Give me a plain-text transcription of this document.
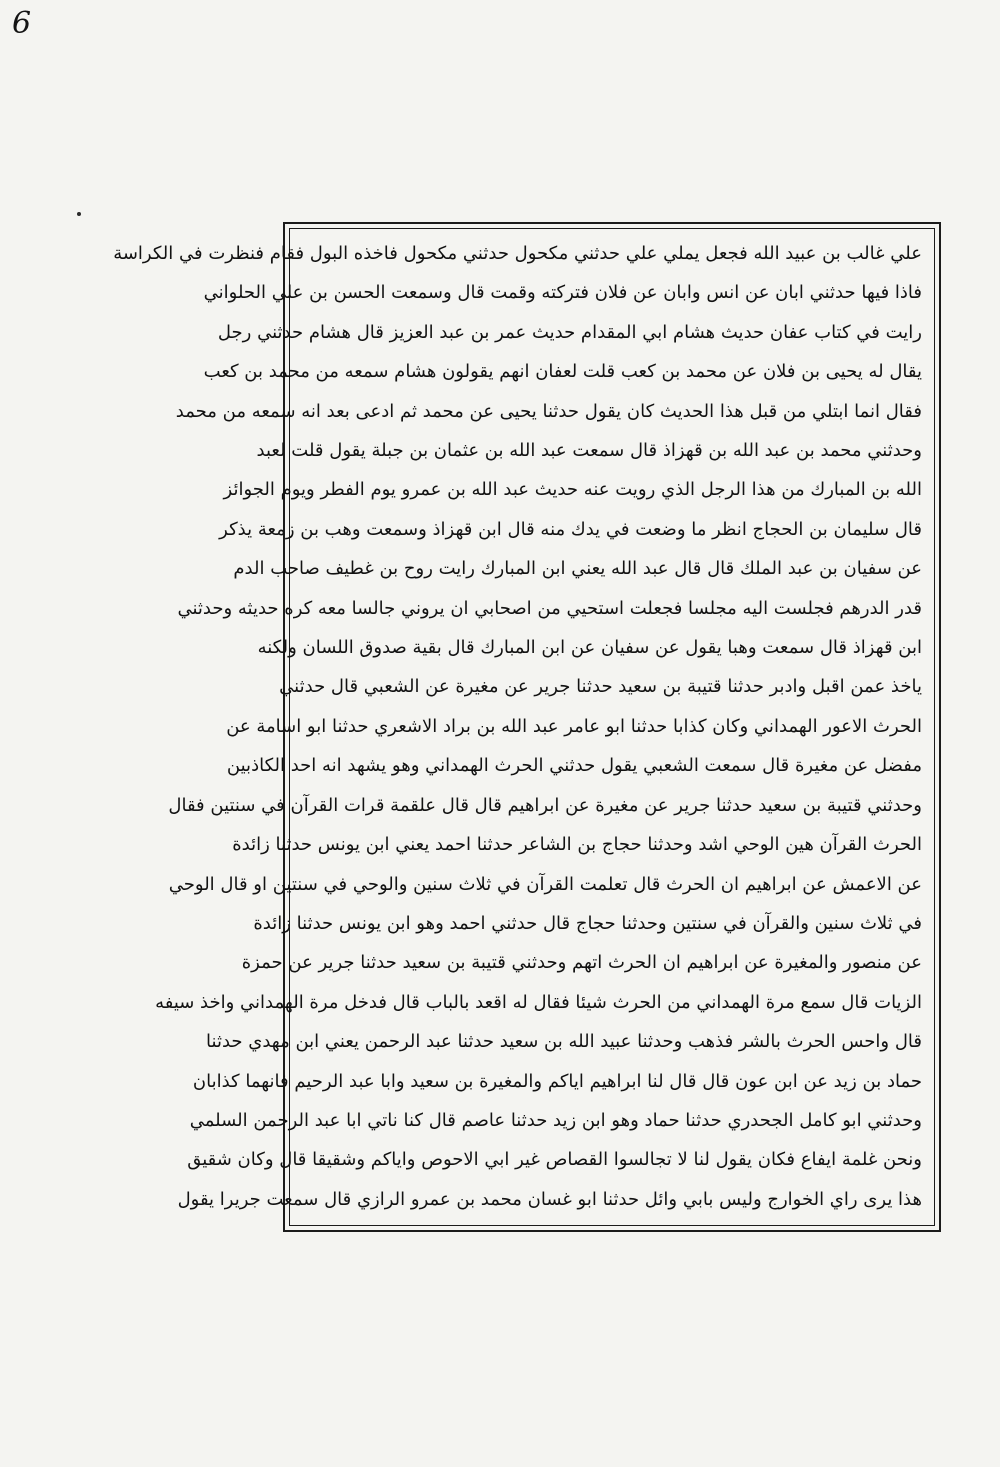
6
علي غالب بن عبيد الله فجعل يملي علي حدثني مكحول حدثني مكحول فاخذه البول فقام فنظرت في الكراسة
فاذا فيها حدثني ابان عن انس وابان عن فلان فتركته وقمت قال وسمعت الحسن بن علي الحلواني
رايت في كتاب عفان حديث هشام ابي المقدام حديث عمر بن عبد العزيز قال هشام حدثني رجل
يقال له يحيى بن فلان عن محمد بن كعب قلت لعفان انهم يقولون هشام سمعه من محمد بن كعب
فقال انما ابتلي من قبل هذا الحديث كان يقول حدثنا يحيى عن محمد ثم ادعى بعد انه سمعه من محمد
وحدثني محمد بن عبد الله بن قهزاذ قال سمعت عبد الله بن عثمان بن جبلة يقول قلت لعبد
الله بن المبارك من هذا الرجل الذي رويت عنه حديث عبد الله بن عمرو يوم الفطر ويوم الجوائز
قال سليمان بن الحجاج انظر ما وضعت في يدك منه قال ابن قهزاذ وسمعت وهب بن زمعة يذكر
عن سفيان بن عبد الملك قال قال عبد الله يعني ابن المبارك رايت روح بن غطيف صاحب الدم
قدر الدرهم فجلست اليه مجلسا فجعلت استحيي من اصحابي ان يروني جالسا معه كره حديثه وحدثني
ابن قهزاذ قال سمعت وهبا يقول عن سفيان عن ابن المبارك قال بقية صدوق اللسان ولكنه
ياخذ عمن اقبل وادبر حدثنا قتيبة بن سعيد حدثنا جرير عن مغيرة عن الشعبي قال حدثني
الحرث الاعور الهمداني وكان كذابا حدثنا ابو عامر عبد الله بن براد الاشعري حدثنا ابو اسامة عن
مفضل عن مغيرة قال سمعت الشعبي يقول حدثني الحرث الهمداني وهو يشهد انه احد الكاذبين
وحدثني قتيبة بن سعيد حدثنا جرير عن مغيرة عن ابراهيم قال قال علقمة قرات القرآن في سنتين فقال
الحرث القرآن هين الوحي اشد وحدثنا حجاج بن الشاعر حدثنا احمد يعني ابن يونس حدثنا زائدة
عن الاعمش عن ابراهيم ان الحرث قال تعلمت القرآن في ثلاث سنين والوحي في سنتين او قال الوحي
في ثلاث سنين والقرآن في سنتين وحدثنا حجاج قال حدثني احمد وهو ابن يونس حدثنا زائدة
عن منصور والمغيرة عن ابراهيم ان الحرث اتهم وحدثني قتيبة بن سعيد حدثنا جرير عن حمزة
الزيات قال سمع مرة الهمداني من الحرث شيئا فقال له اقعد بالباب قال فدخل مرة الهمداني واخذ سيفه
قال واحس الحرث بالشر فذهب وحدثنا عبيد الله بن سعيد حدثنا عبد الرحمن يعني ابن مهدي حدثنا
حماد بن زيد عن ابن عون قال قال لنا ابراهيم اياكم والمغيرة بن سعيد وابا عبد الرحيم فانهما كذابان
وحدثني ابو كامل الجحدري حدثنا حماد وهو ابن زيد حدثنا عاصم قال كنا ناتي ابا عبد الرحمن السلمي
ونحن غلمة ايفاع فكان يقول لنا لا تجالسوا القصاص غير ابي الاحوص واياكم وشقيقا قال وكان شقيق
هذا يرى راي الخوارج وليس بابي وائل حدثنا ابو غسان محمد بن عمرو الرازي قال سمعت جريرا يقول
